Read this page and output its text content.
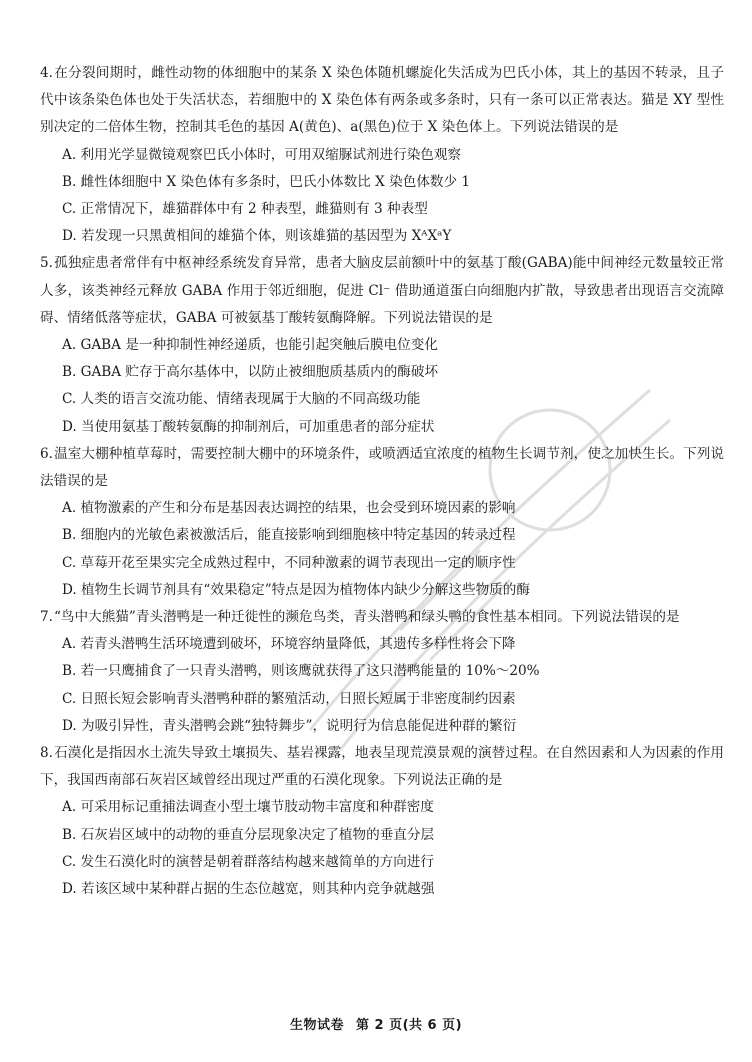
4.在分裂间期时，雌性动物的体细胞中的某条 X 染色体随机螺旋化失活成为巴氏小体，其上的基因不转录，且子代中该条染色体也处于失活状态，若细胞中的 X 染色体有两条或多条时，只有一条可以正常表达。猫是 XY 型性别决定的二倍体生物，控制其毛色的基因 A(黄色)、a(黑色)位于 X 染色体上。下列说法错误的是

A. 利用光学显微镜观察巴氏小体时，可用双缩脲试剂进行染色观察

B. 雌性体细胞中 X 染色体有多条时，巴氏小体数比 X 染色体数少 1

C. 正常情况下，雄猫群体中有 2 种表型，雌猫则有 3 种表型

D. 若发现一只黑黄相间的雄猫个体，则该雄猫的基因型为 XᴬXᵃY

5.孤独症患者常伴有中枢神经系统发育异常，患者大脑皮层前额叶中的氨基丁酸(GABA)能中间神经元数量较正常人多，该类神经元释放 GABA 作用于邻近细胞，促进 Cl⁻ 借助通道蛋白向细胞内扩散，导致患者出现语言交流障碍、情绪低落等症状，GABA 可被氨基丁酸转氨酶降解。下列说法错误的是

A. GABA 是一种抑制性神经递质，也能引起突触后膜电位变化

B. GABA 贮存于高尔基体中，以防止被细胞质基质内的酶破坏

C. 人类的语言交流功能、情绪表现属于大脑的不同高级功能

D. 当使用氨基丁酸转氨酶的抑制剂后，可加重患者的部分症状

6.温室大棚种植草莓时，需要控制大棚中的环境条件，或喷洒适宜浓度的植物生长调节剂，使之加快生长。下列说法错误的是

A. 植物激素的产生和分布是基因表达调控的结果，也会受到环境因素的影响

B. 细胞内的光敏色素被激活后，能直接影响到细胞核中特定基因的转录过程

C. 草莓开花至果实完全成熟过程中，不同种激素的调节表现出一定的顺序性

D. 植物生长调节剂具有“效果稳定”特点是因为植物体内缺少分解这些物质的酶

7.“鸟中大熊猫”青头潜鸭是一种迁徙性的濒危鸟类，青头潜鸭和绿头鸭的食性基本相同。下列说法错误的是

A. 若青头潜鸭生活环境遭到破坏，环境容纳量降低，其遗传多样性将会下降

B. 若一只鹰捕食了一只青头潜鸭，则该鹰就获得了这只潜鸭能量的 10%～20%

C. 日照长短会影响青头潜鸭种群的繁殖活动，日照长短属于非密度制约因素

D. 为吸引异性，青头潜鸭会跳“独特舞步”，说明行为信息能促进种群的繁衍

8.石漠化是指因水土流失导致土壤损失、基岩裸露，地表呈现荒漠景观的演替过程。在自然因素和人为因素的作用下，我国西南部石灰岩区域曾经出现过严重的石漠化现象。下列说法正确的是

A. 可采用标记重捕法调查小型土壤节肢动物丰富度和种群密度

B. 石灰岩区域中的动物的垂直分层现象决定了植物的垂直分层

C. 发生石漠化时的演替是朝着群落结构越来越简单的方向进行

D. 若该区域中某种群占据的生态位越宽，则其种内竞争就越强

生物试卷 第 2 页(共 6 页)
